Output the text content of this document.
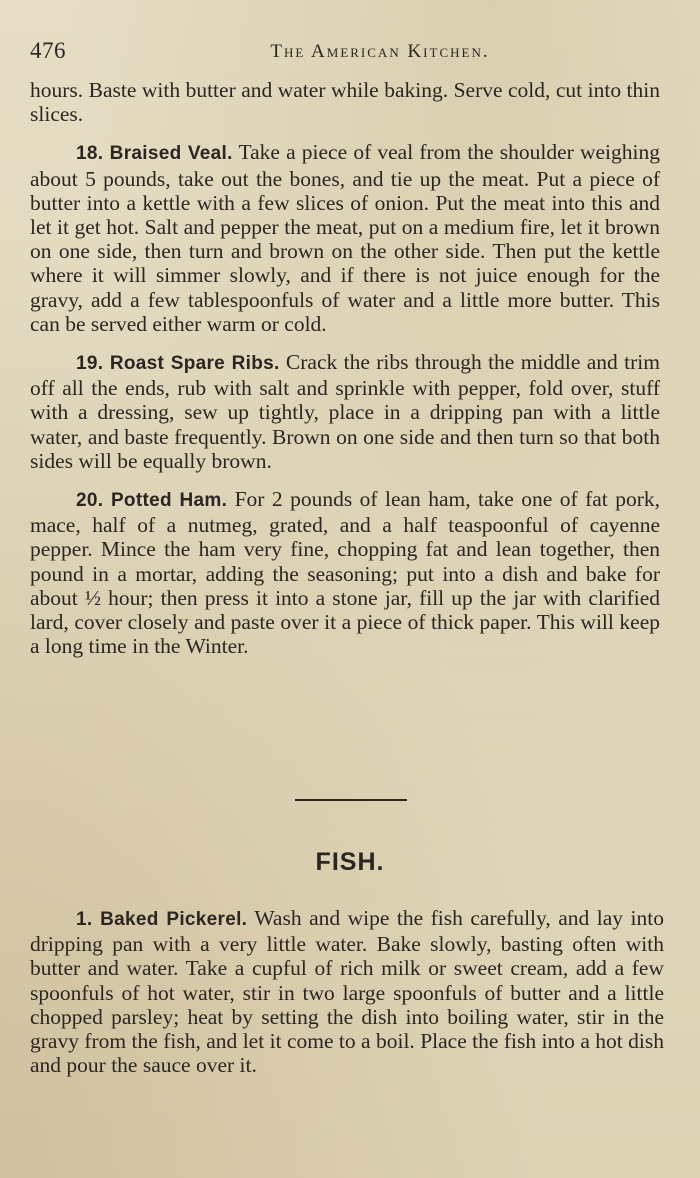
476	The American Kitchen.

hours. Baste with butter and water while baking. Serve cold, cut into thin slices.

18. Braised Veal. Take a piece of veal from the shoulder weighing about 5 pounds, take out the bones, and tie up the meat. Put a piece of butter into a kettle with a few slices of onion. Put the meat into this and let it get hot. Salt and pepper the meat, put on a medium fire, let it brown on one side, then turn and brown on the other side. Then put the kettle where it will simmer slowly, and if there is not juice enough for the gravy, add a few tablespoonfuls of water and a little more butter. This can be served either warm or cold.

19. Roast Spare Ribs. Crack the ribs through the middle and trim off all the ends, rub with salt and sprinkle with pepper, fold over, stuff with a dressing, sew up tightly, place in a dripping pan with a little water, and baste frequently. Brown on one side and then turn so that both sides will be equally brown.

20. Potted Ham. For 2 pounds of lean ham, take one of fat pork, mace, half of a nutmeg, grated, and a half teaspoonful of cayenne pepper. Mince the ham very fine, chopping fat and lean together, then pound in a mortar, adding the seasoning; put into a dish and bake for about ½ hour; then press it into a stone jar, fill up the jar with clarified lard, cover closely and paste over it a piece of thick paper. This will keep a long time in the Winter.

FISH.

1. Baked Pickerel. Wash and wipe the fish carefully, and lay into dripping pan with a very little water. Bake slowly, basting often with butter and water. Take a cupful of rich milk or sweet cream, add a few spoonfuls of hot water, stir in two large spoonfuls of butter and a little chopped parsley; heat by setting the dish into boiling water, stir in the gravy from the fish, and let it come to a boil. Place the fish into a hot dish and pour the sauce over it.
